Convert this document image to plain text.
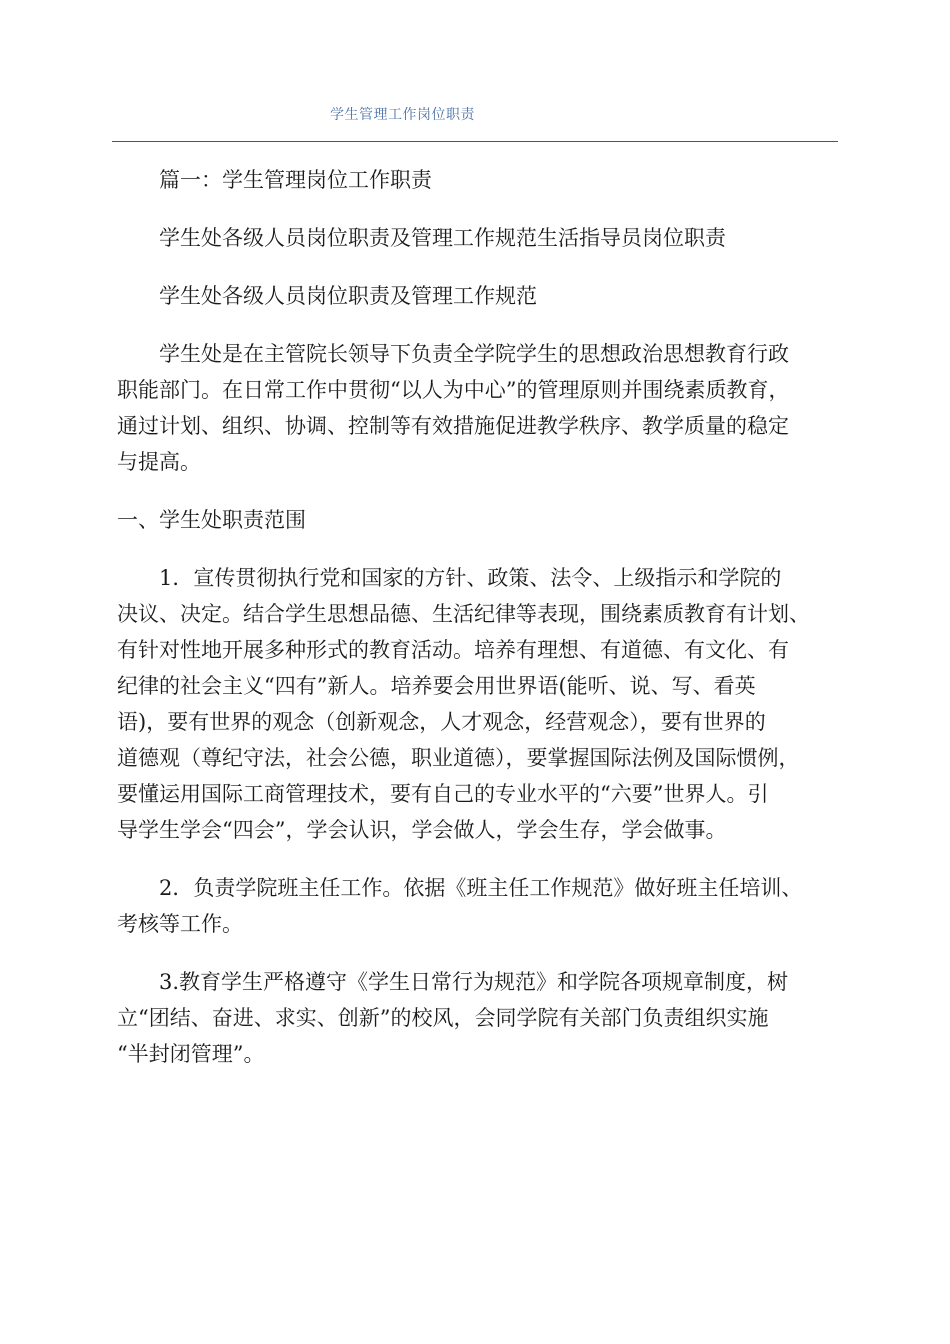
学生管理工作岗位职责

篇一：学生管理岗位工作职责

学生处各级人员岗位职责及管理工作规范生活指导员岗位职责

学生处各级人员岗位职责及管理工作规范

学生处是在主管院长领导下负责全学院学生的思想政治思想教育行政
职能部门。在日常工作中贯彻“以人为中心”的管理原则并围绕素质教育，
通过计划、组织、协调、控制等有效措施促进教学秩序、教学质量的稳定
与提高。

一、学生处职责范围

1．宣传贯彻执行党和国家的方针、政策、法令、上级指示和学院的
决议、决定。结合学生思想品德、生活纪律等表现，围绕素质教育有计划、
有针对性地开展多种形式的教育活动。培养有理想、有道德、有文化、有
纪律的社会主义“四有”新人。培养要会用世界语(能听、说、写、看英
语)，要有世界的观念（创新观念，人才观念，经营观念），要有世界的
道德观（尊纪守法，社会公德，职业道德），要掌握国际法例及国际惯例，
要懂运用国际工商管理技术，要有自己的专业水平的“六要”世界人。引
导学生学会“四会”，学会认识，学会做人，学会生存，学会做事。

2．负责学院班主任工作。依据《班主任工作规范》做好班主任培训、
考核等工作。

3.教育学生严格遵守《学生日常行为规范》和学院各项规章制度，树
立“团结、奋进、求实、创新”的校风，会同学院有关部门负责组织实施
“半封闭管理”。
